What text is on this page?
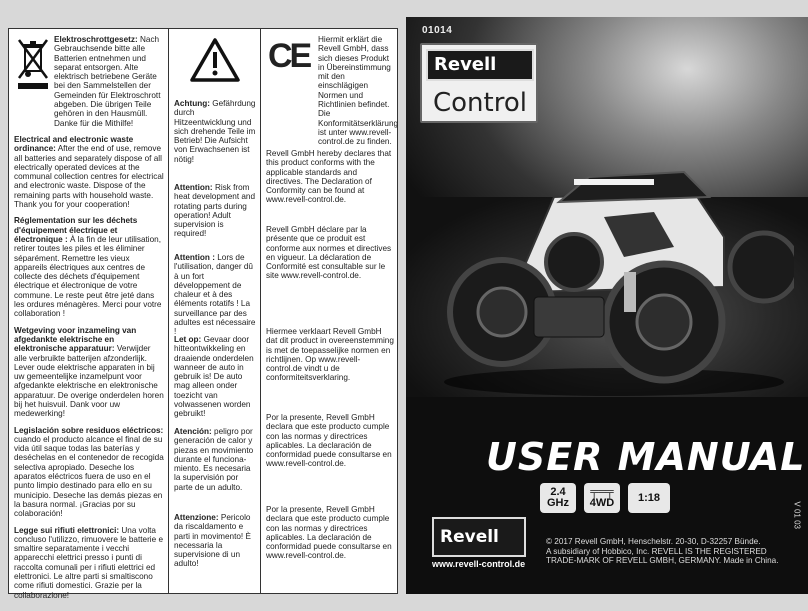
Elektroschrottgesetz: Nach Gebrauchsende bitte alle Batterien entnehmen und separat entsorgen. Alte elektrisch betriebene Geräte bei den Sammelstellen der Gemeinden für Elektroschrott abgeben. Die übrigen Teile gehören in den Hausmüll. Danke für die Mithilfe!
Electrical and electronic waste ordinance: After the end of use, remove all batteries and separately dispose of all electrically operated devices at the communal collection centres for electrical and electronic waste. Dispose of the remaining parts with household waste. Thank you for your cooperation!
Réglementation sur les déchets d'équipement électrique et électronique : À la fin de leur utilisation, retirer toutes les piles et les éliminer séparément. Remettre les vieux appareils électriques aux centres de collecte des déchets d'équipement électrique et électronique de votre commune. Le reste peut être jeté dans les ordures ménagères. Merci pour votre collaboration !
Wetgeving voor inzameling van afgedankte elektrische en elektronische apparatuur: Verwijder alle verbruikte batterijen afzonderlijk. Lever oude elektrische apparaten in bij uw gemeentelijke inzamelpunt voor afgedankte elektrische en elektronische apparatuur. De overige onderdelen horen bij het huisvuil. Dank voor uw medewerking!
Legislación sobre residuos eléctricos: cuando el producto alcance el final de su vida útil saque todas las baterías y deséchelas en el contenedor de recogida selectiva apropiado. Deseche los aparatos eléctricos fuera de uso en el punto limpio destinado para ello en su municipio. Deseche las demás piezas en la basura normal. ¡Gracias por su colaboración!
Legge sui rifiuti elettronici: Una volta concluso l'utilizzo, rimuovere le batterie e smaltire separatamente i vecchi apparecchi elettrici presso i punti di raccolta comunali per i rifiuti elettrici ed elettronici. Le altre parti si smaltiscono come rifiuti domestici. Grazie per la collaborazione!
Achtung: Gefährdung durch Hitzeentwicklung und sich drehende Teile im Betrieb! Die Aufsicht von Erwachsenen ist nötig!
Attention: Risk from heat development and rotating parts during operation! Adult supervision is required!
Attention : Lors de l'utilisation, danger dû à un fort développement de chaleur et à des éléments rotatifs ! La surveillance par des adultes est nécessaire !
Let op: Gevaar door hitteontwikkeling en draaiende onderdelen wanneer de auto in gebruik is! De auto mag alleen onder toezicht van volwassenen worden gebruikt!
Atención: peligro por generación de calor y piezas en movimiento durante el funciona-miento. Es necesaria la supervisión por parte de un adulto.
Attenzione: Pericolo da riscaldamento e parti in movimento! È necessaria la supervisione di un adulto!
CE	Hiermit erklärt die Revell GmbH, dass sich dieses Produkt in Übereinstimmung mit den einschlägigen Normen und Richtlinien befindet. Die Konformitätserklärung ist unter www.revell-control.de zu finden.
Revell GmbH hereby declares that this product conforms with the applicable standards and directives. The Declaration of Conformity can be found at www.revell-control.de.
Revell GmbH déclare par la présente que ce produit est conforme aux normes et directives en vigueur. La déclaration de Conformité est consultable sur le site www.revell-control.de.
Hiermee verklaart Revell GmbH dat dit product in overeenstemming is met de toepasselijke normen en richtlijnen. Op www.revell-control.de vindt u de conformiteitsverklaring.
Por la presente, Revell GmbH declara que este producto cumple con las normas y directrices aplicables. La declaración de conformidad puede consultarse en www.revell-control.de.
Por la presente, Revell GmbH declara que este producto cumple con las normas y directrices aplicables. La declaración de conformidad puede consultarse en www.revell-control.de.
01014
Revell
Control
USER MANUAL
2.4
GHz
╤═╤
4WD	1:18
Revell
www.revell-control.de
© 2017 Revell GmbH, Henschelstr. 20-30, D-32257 Bünde.
A subsidiary of Hobbico, Inc. REVELL IS THE REGISTERED TRADE-MARK OF REVELL GMBH, GERMANY. Made in China.
V 01 03
